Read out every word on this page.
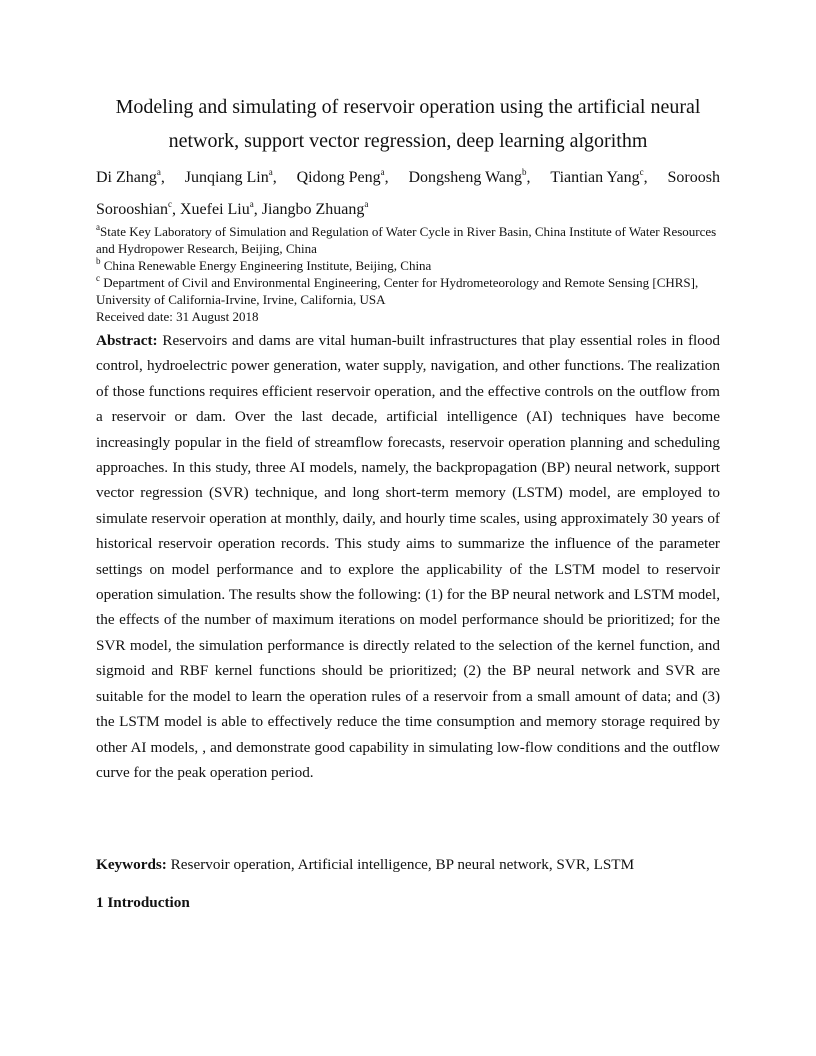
Modeling and simulating of reservoir operation using the artificial neural
network, support vector regression, deep learning algorithm
Di Zhang$^a$, Junqiang Lin$^a$, Qidong Peng$^a$, Dongsheng Wang$^b$, Tiantian Yang$^c$, Soroosh
Sorooshian$^c$, Xuefei Liu$^a$, Jiangbo Zhuang$^a$

$^a$State Key Laboratory of Simulation and Regulation of Water Cycle in River Basin, China Institute of Water Resources and Hydropower Research, Beijing, China

$^b$ China Renewable Energy Engineering Institute, Beijing, China

$^c$ Department of Civil and Environmental Engineering, Center for Hydrometeorology and Remote Sensing [CHRS], University of California-Irvine, Irvine, California, USA

Received date: 31 August 2018

Abstract: Reservoirs and dams are vital human-built infrastructures that play essential roles in flood control, hydroelectric power generation, water supply, navigation, and other functions. The realization of those functions requires efficient reservoir operation, and the effective controls on the outflow from a reservoir or dam. Over the last decade, artificial intelligence (AI) techniques have become increasingly popular in the field of streamflow forecasts, reservoir operation planning and scheduling approaches. In this study, three AI models, namely, the backpropagation (BP) neural network, support vector regression (SVR) technique, and long short-term memory (LSTM) model, are employed to simulate reservoir operation at monthly, daily, and hourly time scales, using approximately 30 years of historical reservoir operation records. This study aims to summarize the influence of the parameter settings on model performance and to explore the applicability of the LSTM model to reservoir operation simulation. The results show the following: (1) for the BP neural network and LSTM model, the effects of the number of maximum iterations on model performance should be prioritized; for the SVR model, the simulation performance is directly related to the selection of the kernel function, and sigmoid and RBF kernel functions should be prioritized; (2) the BP neural network and SVR are suitable for the model to learn the operation rules of a reservoir from a small amount of data; and (3) the LSTM model is able to effectively reduce the time consumption and memory storage required by other AI models, , and demonstrate good capability in simulating low-flow conditions and the outflow curve for the peak operation period.

Keywords: Reservoir operation, Artificial intelligence, BP neural network, SVR, LSTM

1 Introduction
